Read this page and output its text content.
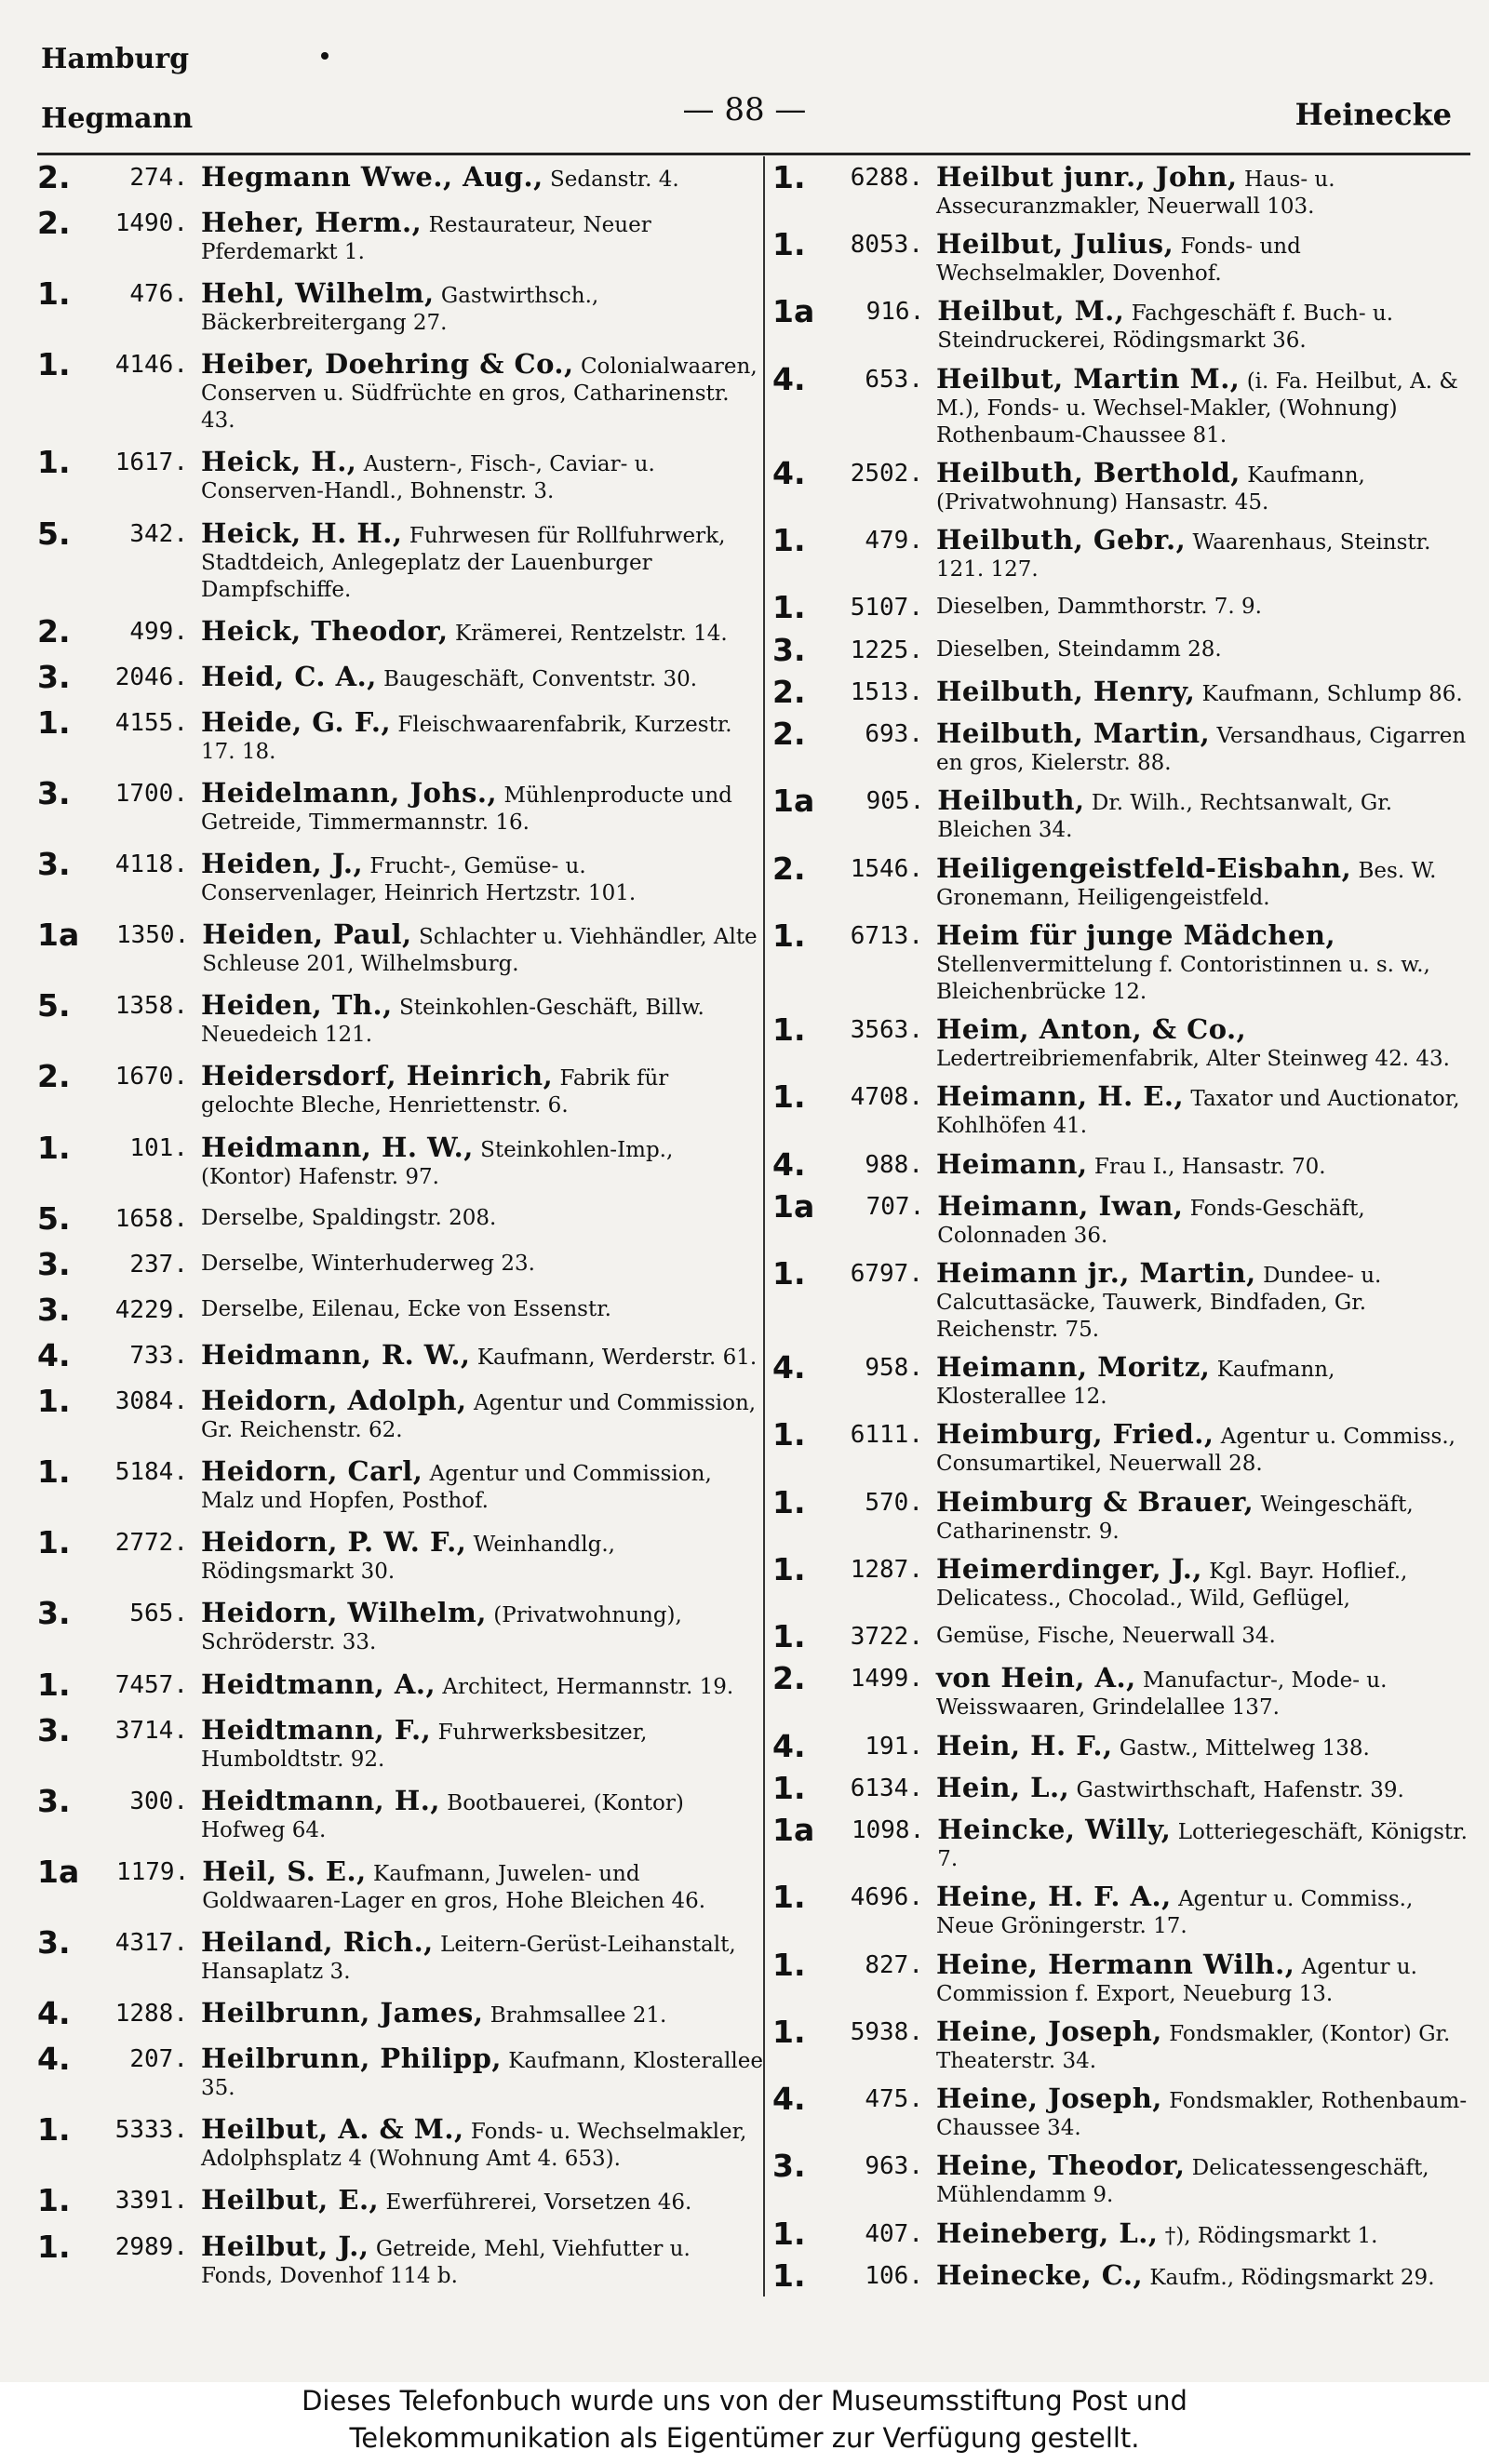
Hamburg
Hegmann	— 88 —	Heinecke
2.	274. Hegmann Wwe., Aug., Sedanstr. 4.
2.	1490. Heher, Herm., Restaurateur, Neuer Pferdemarkt 1.
1.	476. Hehl, Wilhelm, Gastwirthsch., Bäckerbreitergang 27.
1.	4146. Heiber, Doehring & Co., Colonialwaaren, Conserven u. Südfrüchte en gros, Catharinenstr. 43.
1.	1617. Heick, H., Austern-, Fisch-, Caviar- u. Conserven-Handl., Bohnenstr. 3.
5.	342. Heick, H. H., Fuhrwesen für Rollfuhrwerk, Stadtdeich, Anlegeplatz der Lauenburger Dampfschiffe.
2.	499. Heick, Theodor, Krämerei, Rentzelstr. 14.
3.	2046. Heid, C. A., Baugeschäft, Conventstr. 30.
1.	4155. Heide, G. F., Fleischwaarenfabrik, Kurzestr. 17. 18.
3.	1700. Heidelmann, Johs., Mühlenproducte und Getreide, Timmermannstr. 16.
3.	4118. Heiden, J., Frucht-, Gemüse- u. Conservenlager, Heinrich Hertzstr. 101.
1a	1350. Heiden, Paul, Schlachter u. Viehhändler, Alte Schleuse 201, Wilhelmsburg.
5.	1358. Heiden, Th., Steinkohlen-Geschäft, Billw. Neuedeich 121.
2.	1670. Heidersdorf, Heinrich, Fabrik für gelochte Bleche, Henriettenstr. 6.
1.	101. Heidmann, H. W., Steinkohlen-Imp., (Kontor) Hafenstr. 97.
5.	1658. Derselbe, Spaldingstr. 208.
3.	237. Derselbe, Winterhuderweg 23.
3.	4229. Derselbe, Eilenau, Ecke von Essenstr.
4.	733. Heidmann, R. W., Kaufmann, Werderstr. 61.
1.	3084. Heidorn, Adolph, Agentur und Commission, Gr. Reichenstr. 62.
1.	5184. Heidorn, Carl, Agentur und Commission, Malz und Hopfen, Posthof.
1.	2772. Heidorn, P. W. F., Weinhandlg., Rödingsmarkt 30.
3.	565. Heidorn, Wilhelm, (Privatwohnung), Schröderstr. 33.
1.	7457. Heidtmann, A., Architect, Hermannstr. 19.
3.	3714. Heidtmann, F., Fuhrwerksbesitzer, Humboldtstr. 92.
3.	300. Heidtmann, H., Bootbauerei, (Kontor) Hofweg 64.
1a	1179. Heil, S. E., Kaufmann, Juwelen- und Goldwaaren-Lager en gros, Hohe Bleichen 46.
3.	4317. Heiland, Rich., Leitern-Gerüst-Leihanstalt, Hansaplatz 3.
4.	1288. Heilbrunn, James, Brahmsallee 21.
4.	207. Heilbrunn, Philipp, Kaufmann, Klosterallee 35.
1.	5333. Heilbut, A. & M., Fonds- u. Wechselmakler, Adolphsplatz 4 (Wohnung Amt 4. 653).
1.	3391. Heilbut, E., Ewerführerei, Vorsetzen 46.
1.	2989. Heilbut, J., Getreide, Mehl, Viehfutter u. Fonds, Dovenhof 114 b.
1.	6288. Heilbut junr., John, Haus- u. Assecuranzmakler, Neuerwall 103.
1.	8053. Heilbut, Julius, Fonds- und Wechselmakler, Dovenhof.
1a	916. Heilbut, M., Fachgeschäft f. Buch- u. Steindruckerei, Rödingsmarkt 36.
4.	653. Heilbut, Martin M., (i. Fa. Heilbut, A. & M.), Fonds- u. Wechsel-Makler, (Wohnung) Rothenbaum-Chaussee 81.
4.	2502. Heilbuth, Berthold, Kaufmann, (Privatwohnung) Hansastr. 45.
1.	479. Heilbuth, Gebr., Waarenhaus, Steinstr. 121. 127.
1.	5107. Dieselben, Dammthorstr. 7. 9.
3.	1225. Dieselben, Steindamm 28.
2.	1513. Heilbuth, Henry, Kaufmann, Schlump 86.
2.	693. Heilbuth, Martin, Versandhaus, Cigarren en gros, Kielerstr. 88.
1a	905. Heilbuth, Dr. Wilh., Rechtsanwalt, Gr. Bleichen 34.
2.	1546. Heiligengeistfeld-Eisbahn, Bes. W. Gronemann, Heiligengeistfeld.
1.	6713. Heim für junge Mädchen, Stellenvermittelung f. Contoristinnen u. s. w., Bleichenbrücke 12.
1.	3563. Heim, Anton, & Co., Ledertreibriemenfabrik, Alter Steinweg 42. 43.
1.	4708. Heimann, H. E., Taxator und Auctionator, Kohlhöfen 41.
4.	988. Heimann, Frau I., Hansastr. 70.
1a	707. Heimann, Iwan, Fonds-Geschäft, Colonnaden 36.
1.	6797. Heimann jr., Martin, Dundee- u. Calcuttasäcke, Tauwerk, Bindfaden, Gr. Reichenstr. 75.
4.	958. Heimann, Moritz, Kaufmann, Klosterallee 12.
1.	6111. Heimburg, Fried., Agentur u. Commiss., Consumartikel, Neuerwall 28.
1.	570. Heimburg & Brauer, Weingeschäft, Catharinenstr. 9.
1.	1287. Heimerdinger, J., Kgl. Bayr. Hoflief., Delicatess., Chocolad., Wild, Geflügel,
1.	3722. Gemüse, Fische, Neuerwall 34.
2.	1499. von Hein, A., Manufactur-, Mode- u. Weisswaaren, Grindelallee 137.
4.	191. Hein, H. F., Gastw., Mittelweg 138.
1.	6134. Hein, L., Gastwirthschaft, Hafenstr. 39.
1a	1098. Heincke, Willy, Lotteriegeschäft, Königstr. 7.
1.	4696. Heine, H. F. A., Agentur u. Commiss., Neue Gröningerstr. 17.
1.	827. Heine, Hermann Wilh., Agentur u. Commission f. Export, Neueburg 13.
1.	5938. Heine, Joseph, Fondsmakler, (Kontor) Gr. Theaterstr. 34.
4.	475. Heine, Joseph, Fondsmakler, Rothenbaum-Chaussee 34.
3.	963. Heine, Theodor, Delicatessengeschäft, Mühlendamm 9.
1.	407. Heineberg, L., †), Rödingsmarkt 1.
1.	106. Heinecke, C., Kaufm., Rödingsmarkt 29.
Dieses Telefonbuch wurde uns von der Museumsstiftung Post und
Telekommunikation als Eigentümer zur Verfügung gestellt.
